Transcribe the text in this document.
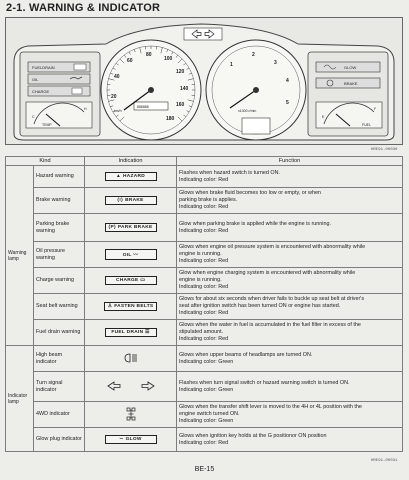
2-1. WARNING & INDICATOR
FUELDRAIN
OIL
CHARGE
C
H
TEMP
20
40
60
80
100
120
140
160
180
km/h
888888
1
2
3
4
5
x1000 r/min
GLOW
BRAKE
E
F
FUEL
HRE91-00030
Kind		Indication	Function
Warning lamp	Hazard warning	▲ HAZARD	Flashes when hazard switch is turned ON.
Indicating color: Red

	Brake warning	(!) BRAKE	Glows when brake fluid becomes too low or empty, or when
parking brake is applies.
Indicating color: Red

	Parking brake warning	(P) PARK BRAKE	Glow when parking brake is applied while the engine is running.
Indicating color: Red

	Oil pressure warning	OIL 〰	Glows when engine oil pressure system is encountered with abnormality while
engine is running.
Indicating color: Red

	Charge warning	CHARGE ▭	Glow when engine charging system is encountered with abnormality while
engine is running.
Indicating color: Red

	Seat belt warning	♙ FASTEN BELTS	Glows for about six seconds when driver fails to buckle up seat belt at driver's
seat after ignition switch has been turned ON or engine has started.
Indicating color: Red

	Fuel drain warning	FUEL DRAIN ☰	Glows when the water in fuel is accumulated in the fuel filter in excess of the
stipulated amount.
Indicating color: Red

Indicator lamp	High beam indicator		Glows when upper beams of headlamps are turned ON.
Indicating color: Green

	Turn signal indicator		Flashes when turn signal switch or hazard warning switch is turned ON.
Indicating color: Green

	4WD indicator		Glows when the transfer shift lever is moved to the 4H or 4L position with the
engine switch turned ON.
Indicating color: Green

	Glow plug indicator	∽ GLOW	Glows when ignition key holds at the G positionor ON position
Indicating color: Red
HRE91-00031
BE-15
